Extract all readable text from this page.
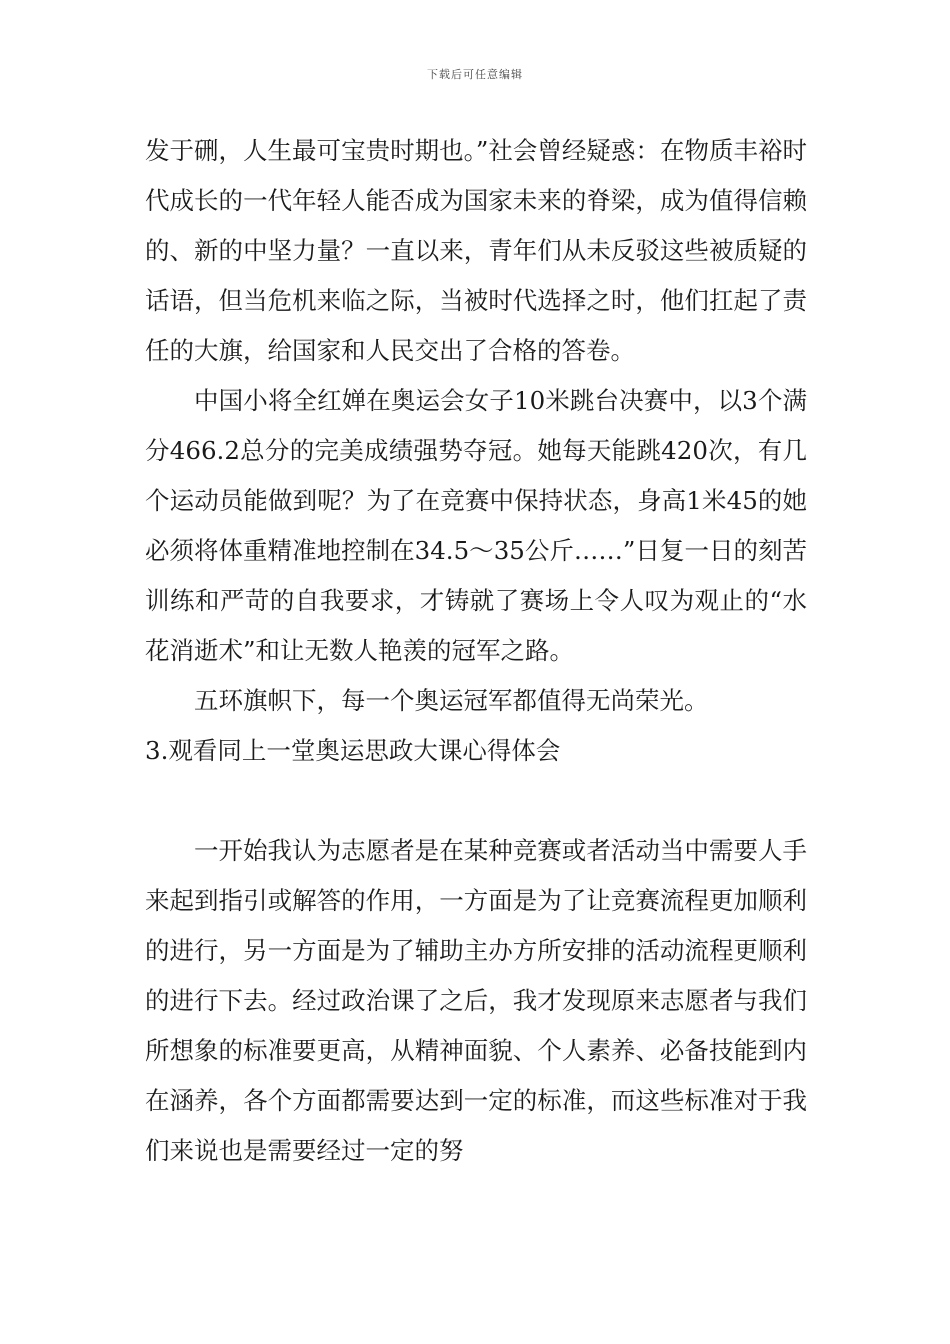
下载后可任意编辑

发于硎，人生最可宝贵时期也。”社会曾经疑惑：在物质丰裕时代成长的一代年轻人能否成为国家未来的脊梁，成为值得信赖的、新的中坚力量？一直以来，青年们从未反驳这些被质疑的话语，但当危机来临之际，当被时代选择之时，他们扛起了责任的大旗，给国家和人民交出了合格的答卷。

中国小将全红婵在奥运会女子10米跳台决赛中，以3个满分466.2总分的完美成绩强势夺冠。她每天能跳420次，有几个运动员能做到呢？为了在竞赛中保持状态，身高1米45的她必须将体重精准地控制在34.5～35公斤……”日复一日的刻苦训练和严苛的自我要求，才铸就了赛场上令人叹为观止的“水花消逝术”和让无数人艳羡的冠军之路。

五环旗帜下，每一个奥运冠军都值得无尚荣光。

3.观看同上一堂奥运思政大课心得体会

一开始我认为志愿者是在某种竞赛或者活动当中需要人手来起到指引或解答的作用，一方面是为了让竞赛流程更加顺利的进行，另一方面是为了辅助主办方所安排的活动流程更顺利的进行下去。经过政治课了之后，我才发现原来志愿者与我们所想象的标准要更高，从精神面貌、个人素养、必备技能到内在涵养，各个方面都需要达到一定的标准，而这些标准对于我们来说也是需要经过一定的努
